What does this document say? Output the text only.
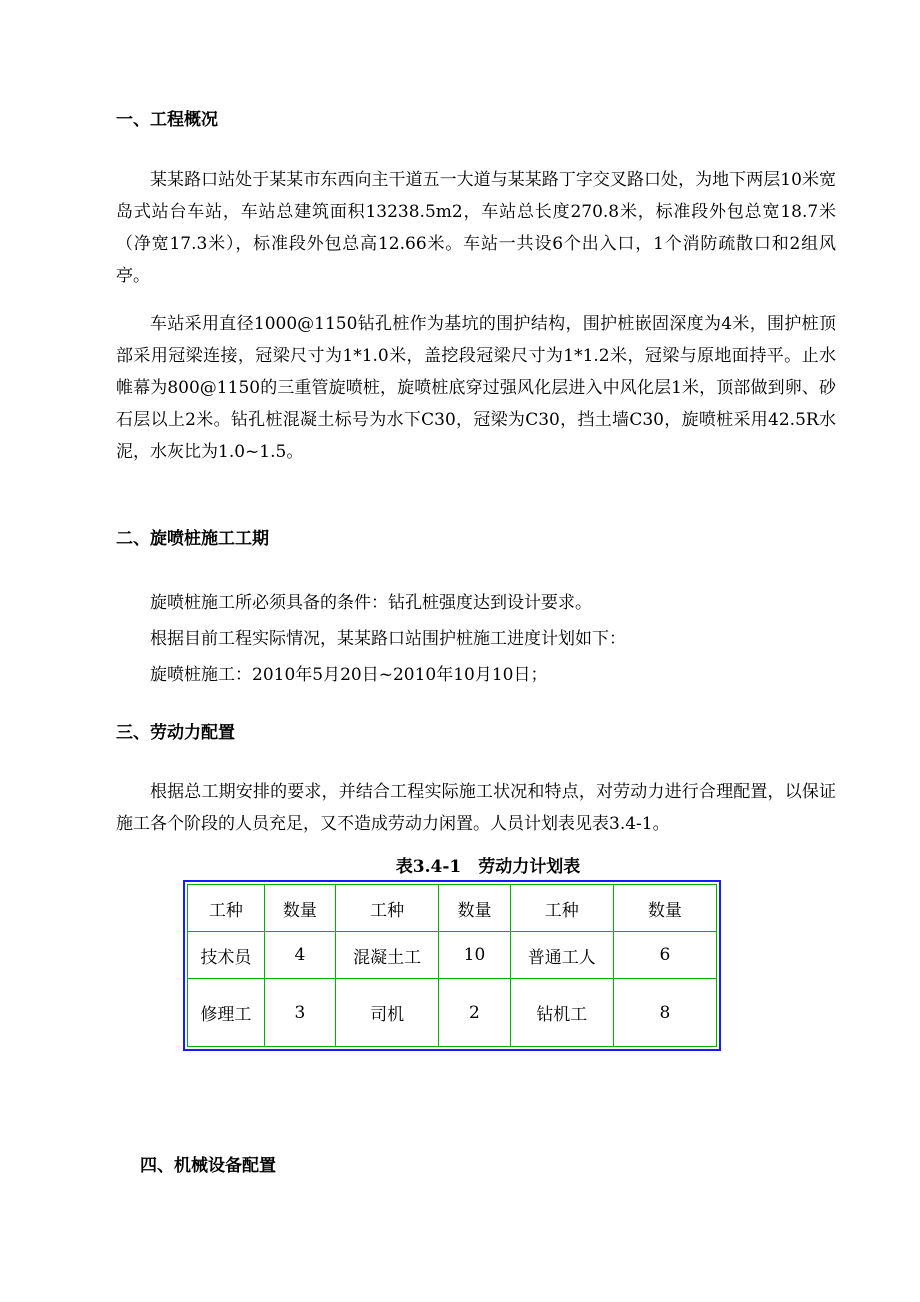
一、工程概况

某某路口站处于某某市东西向主干道五一大道与某某路丁字交叉路口处，为地下两层10米宽岛式站台车站，车站总建筑面积13238.5m2，车站总长度270.8米，标准段外包总宽18.7米（净宽17.3米），标准段外包总高12.66米。车站一共设6个出入口，1个消防疏散口和2组风亭。

车站采用直径1000@1150钻孔桩作为基坑的围护结构，围护桩嵌固深度为4米，围护桩顶部采用冠梁连接，冠梁尺寸为1*1.0米，盖挖段冠梁尺寸为1*1.2米，冠梁与原地面持平。止水帷幕为800@1150的三重管旋喷桩，旋喷桩底穿过强风化层进入中风化层1米，顶部做到卵、砂石层以上2米。钻孔桩混凝土标号为水下C30，冠梁为C30，挡土墙C30，旋喷桩采用42.5R水泥，水灰比为1.0~1.5。

二、旋喷桩施工工期

旋喷桩施工所必须具备的条件：钻孔桩强度达到设计要求。

根据目前工程实际情况，某某路口站围护桩施工进度计划如下：

旋喷桩施工：2010年5月20日~2010年10月10日；

三、劳动力配置

根据总工期安排的要求，并结合工程实际施工状况和特点，对劳动力进行合理配置，以保证施工各个阶段的人员充足，又不造成劳动力闲置。人员计划表见表3.4-1。

表3.4-1　劳动力计划表

工种	数量	工种	数量	工种	数量
技术员	4	混凝土工	10	普通工人	6
修理工	3	司机	2	钻机工	8
四、机械设备配置
